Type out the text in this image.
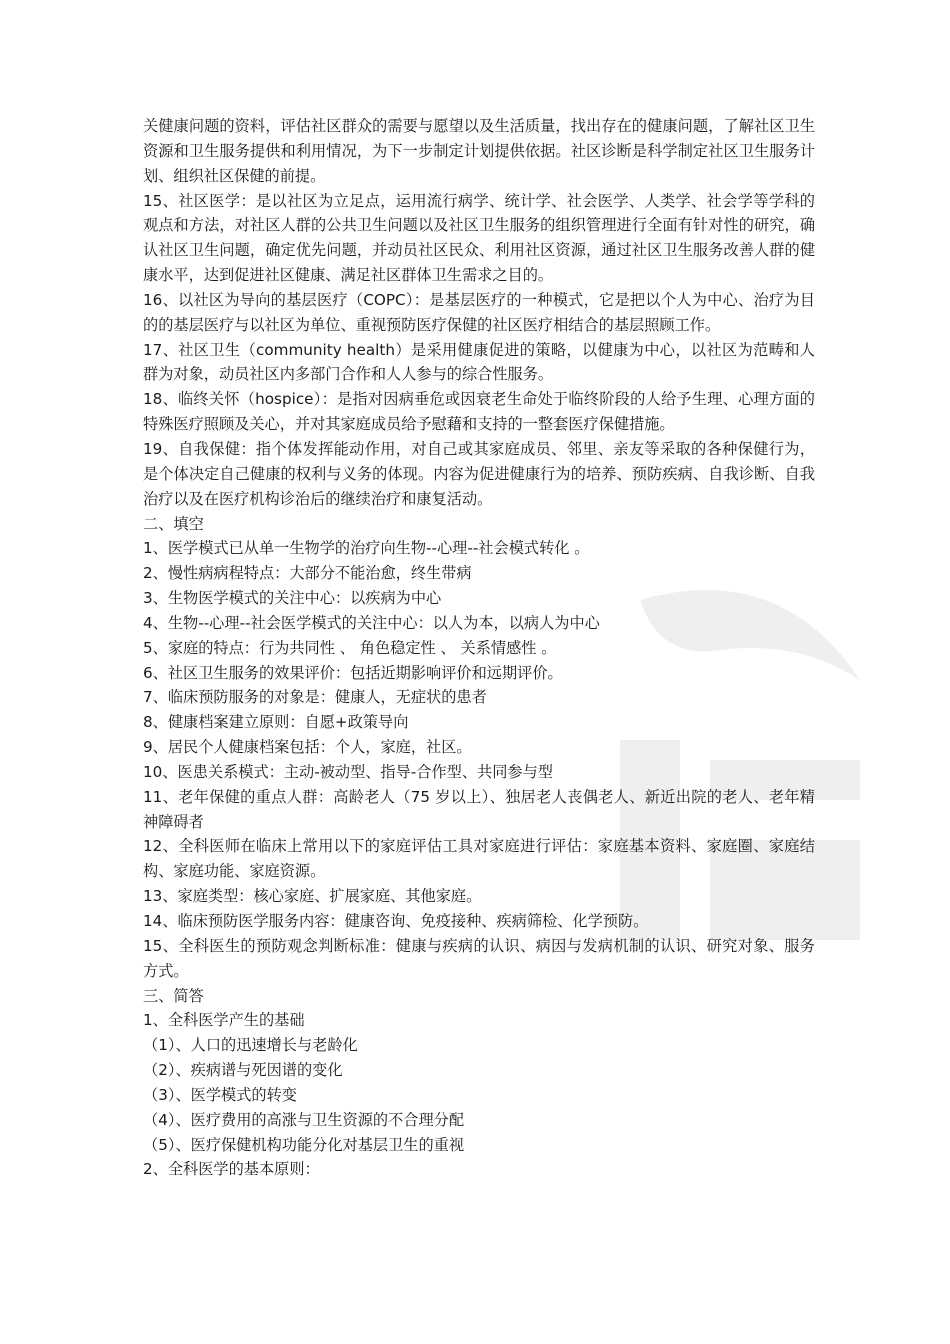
关健康问题的资料，评估社区群众的需要与愿望以及生活质量，找出存在的健康问题，了解社区卫生资源和卫生服务提供和利用情况，为下一步制定计划提供依据。社区诊断是科学制定社区卫生服务计划、组织社区保健的前提。

15、社区医学：是以社区为立足点，运用流行病学、统计学、社会医学、人类学、社会学等学科的观点和方法，对社区人群的公共卫生问题以及社区卫生服务的组织管理进行全面有针对性的研究，确认社区卫生问题，确定优先问题，并动员社区民众、利用社区资源，通过社区卫生服务改善人群的健康水平，达到促进社区健康、满足社区群体卫生需求之目的。

16、以社区为导向的基层医疗（COPC）：是基层医疗的一种模式，它是把以个人为中心、治疗为目的的基层医疗与以社区为单位、重视预防医疗保健的社区医疗相结合的基层照顾工作。

17、社区卫生（community health）是采用健康促进的策略，以健康为中心，以社区为范畴和人群为对象，动员社区内多部门合作和人人参与的综合性服务。

18、临终关怀（hospice）：是指对因病垂危或因衰老生命处于临终阶段的人给予生理、心理方面的特殊医疗照顾及关心，并对其家庭成员给予慰藉和支持的一整套医疗保健措施。

19、自我保健：指个体发挥能动作用，对自己或其家庭成员、邻里、亲友等采取的各种保健行为，是个体决定自己健康的权利与义务的体现。内容为促进健康行为的培养、预防疾病、自我诊断、自我治疗以及在医疗机构诊治后的继续治疗和康复活动。

二、填空

1、医学模式已从单一生物学的治疗向生物--心理--社会模式转化 。

2、慢性病病程特点：大部分不能治愈，终生带病

3、生物医学模式的关注中心：以疾病为中心

4、生物--心理--社会医学模式的关注中心：以人为本，以病人为中心

5、家庭的特点：行为共同性 、 角色稳定性 、 关系情感性 。

6、社区卫生服务的效果评价：包括近期影响评价和远期评价。

7、临床预防服务的对象是：健康人，无症状的患者

8、健康档案建立原则：自愿+政策导向

9、居民个人健康档案包括：个人，家庭，社区。

10、医患关系模式：主动-被动型、指导-合作型、共同参与型

11、老年保健的重点人群：高龄老人（75 岁以上）、独居老人丧偶老人、新近出院的老人、老年精神障碍者

12、全科医师在临床上常用以下的家庭评估工具对家庭进行评估：家庭基本资料、家庭圈、家庭结构、家庭功能、家庭资源。

13、家庭类型：核心家庭、扩展家庭、其他家庭。

14、临床预防医学服务内容：健康咨询、免疫接种、疾病筛检、化学预防。

15、全科医生的预防观念判断标准：健康与疾病的认识、病因与发病机制的认识、研究对象、服务方式。

三、简答

1、全科医学产生的基础

（1）、人口的迅速增长与老龄化

（2）、疾病谱与死因谱的变化

（3）、医学模式的转变

（4）、医疗费用的高涨与卫生资源的不合理分配

（5）、医疗保健机构功能分化对基层卫生的重视

2、全科医学的基本原则：
